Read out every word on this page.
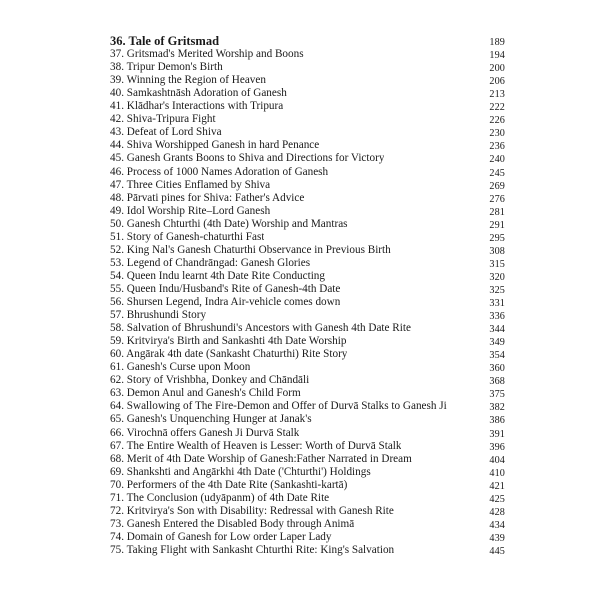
36. Tale of Gritsmad	189
37. Gritsmad's Merited Worship and Boons	194
38. Tripur Demon's Birth	200
39. Winning the Region of Heaven	206
40. Samkashtnāsh Adoration of Ganesh	213
41. Klādhar's Interactions with Tripura	222
42. Shiva-Tripura Fight	226
43. Defeat of Lord Shiva	230
44. Shiva Worshipped Ganesh in hard Penance	236
45. Ganesh Grants Boons to Shiva and Directions for Victory	240
46. Process of 1000 Names Adoration of Ganesh	245
47. Three Cities Enflamed by Shiva	269
48. Pārvati pines for Shiva: Father's Advice	276
49. Idol Worship Rite–Lord Ganesh	281
50. Ganesh Chturthi (4th Date) Worship and Mantras	291
51. Story of Ganesh-chaturthi Fast	295
52. King Nal's Ganesh Chaturthi Observance in Previous Birth	308
53. Legend of Chandrāngad: Ganesh Glories	315
54. Queen Indu learnt 4th Date Rite Conducting	320
55. Queen Indu/Husband's Rite of Ganesh-4th Date	325
56. Shursen Legend, Indra Air-vehicle comes down	331
57. Bhrushundi Story	336
58. Salvation of Bhrushundi's Ancestors with Ganesh 4th Date Rite	344
59. Kritvirya's Birth and Sankashti 4th Date Worship	349
60. Angārak 4th date (Sankasht Chaturthi) Rite Story	354
61. Ganesh's Curse upon Moon	360
62. Story of Vrishbha, Donkey and Chāndāli	368
63. Demon Anul and Ganesh's Child Form	375
64. Swallowing of The Fire-Demon and Offer of Durvā Stalks to Ganesh Ji	382
65. Ganesh's Unquenching Hunger at Janak's	386
66. Virochnā offers Ganesh Ji Durvā Stalk	391
67. The Entire Wealth of Heaven is Lesser: Worth of Durvā Stalk	396
68. Merit of 4th Date Worship of Ganesh:Father Narrated in Dream	404
69. Shankshti and Angārkhi 4th Date ('Chturthi') Holdings	410
70. Performers of the 4th Date Rite (Sankashti-kartā)	421
71. The Conclusion (udyāpanm) of 4th Date Rite	425
72. Kritvirya's Son with Disability: Redressal with Ganesh Rite	428
73. Ganesh Entered the Disabled Body through Animā	434
74. Domain of Ganesh for Low order Laper Lady	439
75. Taking Flight with Sankasht Chturthi Rite: King's Salvation	445
